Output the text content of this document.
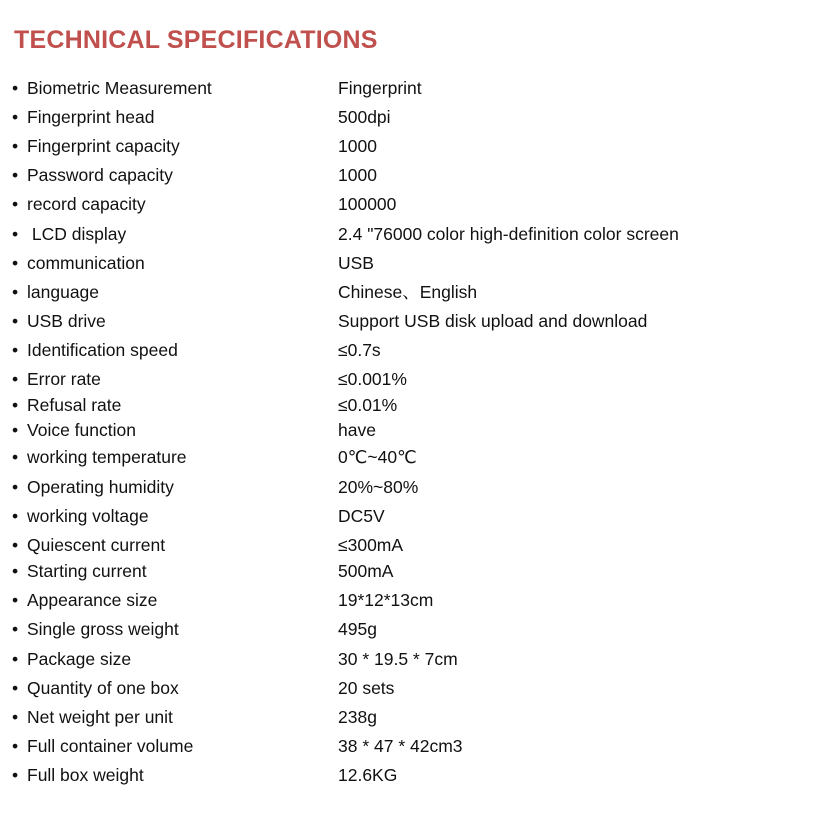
TECHNICAL SPECIFICATIONS
• Biometric Measurement	Fingerprint
• Fingerprint head	500dpi
• Fingerprint capacity	1000
• Password capacity	1000
• record capacity	100000
• LCD display	2.4 "76000 color high-definition color screen
• communication	USB
• language	Chinese、English
• USB drive	Support USB disk upload and download
• Identification speed	≤0.7s
• Error rate	≤0.001%
• Refusal rate	≤0.01%
• Voice function	have
• working temperature	0℃~40℃
• Operating humidity	20%~80%
• working voltage	DC5V
• Quiescent current	≤300mA
• Starting current	500mA
• Appearance size	19*12*13cm
• Single gross weight	495g
• Package size	30 * 19.5 * 7cm
• Quantity of one box	20 sets
• Net weight per unit	238g
• Full container volume	38 * 47 * 42cm3
• Full box weight	12.6KG
